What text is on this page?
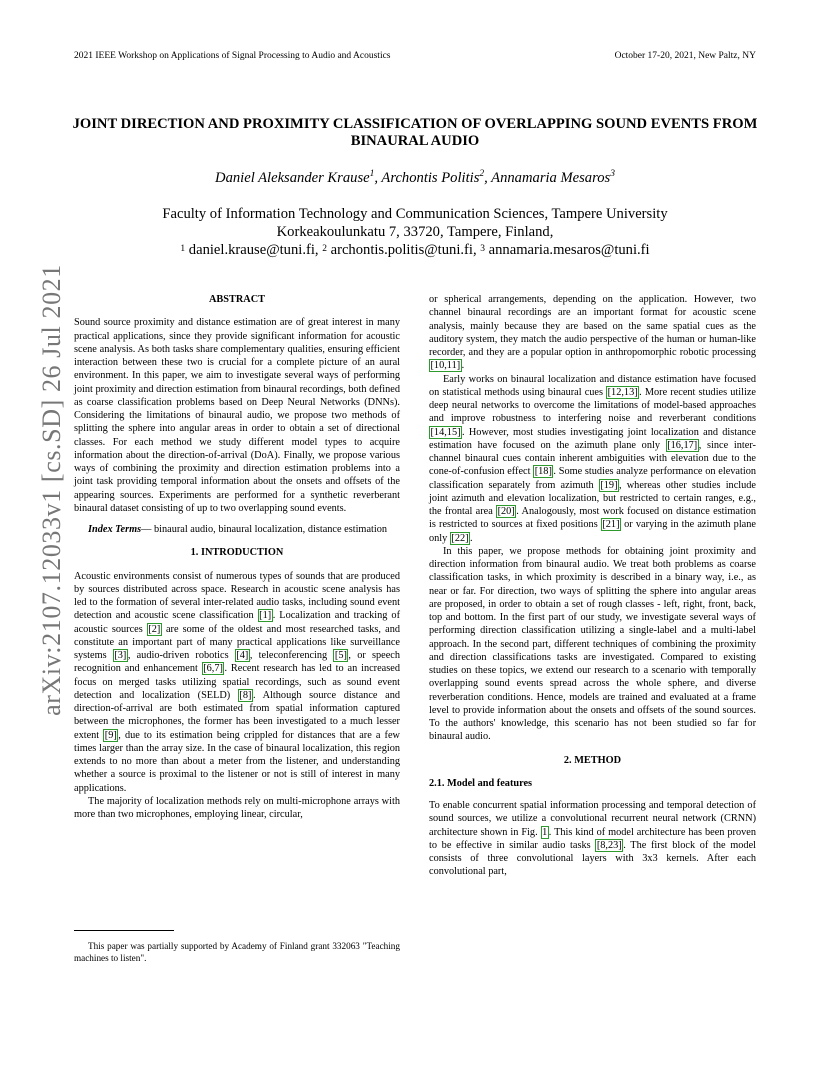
2021 IEEE Workshop on Applications of Signal Processing to Audio and Acoustics	October 17-20, 2021, New Paltz, NY
arXiv:2107.12033v1 [cs.SD] 26 Jul 2021
JOINT DIRECTION AND PROXIMITY CLASSIFICATION OF OVERLAPPING SOUND EVENTS FROM BINAURAL AUDIO
Daniel Aleksander Krause$^1$, Archontis Politis$^2$, Annamaria Mesaros$^3$
Faculty of Information Technology and Communication Sciences, Tampere University
Korkeakoulunkatu 7, 33720, Tampere, Finland,
$^1$ daniel.krause@tuni.fi, $^2$ archontis.politis@tuni.fi, $^3$ annamaria.mesaros@tuni.fi

ABSTRACT

Sound source proximity and distance estimation are of great interest in many practical applications, since they provide significant information for acoustic scene analysis. As both tasks share complementary qualities, ensuring efficient interaction between these two is crucial for a complete picture of an aural environment. In this paper, we aim to investigate several ways of performing joint proximity and direction estimation from binaural recordings, both defined as coarse classification problems based on Deep Neural Networks (DNNs). Considering the limitations of binaural audio, we propose two methods of splitting the sphere into angular areas in order to obtain a set of directional classes. For each method we study different model types to acquire information about the direction-of-arrival (DoA). Finally, we propose various ways of combining the proximity and direction estimation problems into a joint task providing temporal information about the onsets and offsets of the appearing sources. Experiments are performed for a synthetic reverberant binaural dataset consisting of up to two overlapping sound events.

Index Terms— binaural audio, binaural localization, distance estimation

1. INTRODUCTION

Acoustic environments consist of numerous types of sounds that are produced by sources distributed across space. Research in acoustic scene analysis has led to the formation of several inter-related audio tasks, including sound event detection and acoustic scene classification [1] . Localization and tracking of acoustic sources [2] are some of the oldest and most researched tasks, and constitute an important part of many practical applications like surveillance systems [3] , audio-driven robotics [4] , teleconferencing [5] , or speech recognition and enhancement [6,7] . Recent research has led to an increased focus on merged tasks utilizing spatial recordings, such as sound event detection and localization (SELD) [8] . Although source distance and direction-of-arrival are both estimated from spatial information captured between the microphones, the former has been investigated to a much lesser extent [9] , due to its estimation being crippled for distances that are a few times larger than the array size. In the case of binaural localization, this region extends to no more than about a meter from the listener, and understanding whether a source is proximal to the listener or not is still of interest in many applications.

The majority of localization methods rely on multi-microphone arrays with more than two microphones, employing linear, circular,

or spherical arrangements, depending on the application. However, two channel binaural recordings are an important format for acoustic scene analysis, mainly because they are based on the same spatial cues as the auditory system, they match the audio perspective of the human or human-like recorder, and they are a popular option in anthropomorphic robotic processing [10,11] .

Early works on binaural localization and distance estimation have focused on statistical methods using binaural cues [12,13] . More recent studies utilize deep neural networks to overcome the limitations of model-based approaches and improve robustness to interfering noise and reverberant conditions [14,15] . However, most studies investigating joint localization and distance estimation have focused on the azimuth plane only [16,17] , since inter-channel binaural cues contain inherent ambiguities with elevation due to the cone-of-confusion effect [18] . Some studies analyze performance on elevation classification separately from azimuth [19] , whereas other studies include joint azimuth and elevation localization, but restricted to certain ranges, e.g., the frontal area [20] . Analogously, most work focused on distance estimation is restricted to sources at fixed positions [21] or varying in the azimuth plane only [22] .

In this paper, we propose methods for obtaining joint proximity and direction information from binaural audio. We treat both problems as coarse classification tasks, in which proximity is described in a binary way, i.e., as near or far. For direction, two ways of splitting the sphere into angular areas are proposed, in order to obtain a set of rough classes - left, right, front, back, top and bottom. In the first part of our study, we investigate several ways of performing direction classification utilizing a single-label and a multi-label approach. In the second part, different techniques of combining the proximity and direction classifications tasks are investigated. Compared to existing studies on these topics, we extend our research to a scenario with temporally overlapping sound events spread across the whole sphere, and diverse reverberation conditions. Hence, models are trained and evaluated at a frame level to provide information about the onsets and offsets of the sound sources. To the authors' knowledge, this scenario has not been studied so far for binaural audio.

2. METHOD

2.1. Model and features

To enable concurrent spatial information processing and temporal detection of sound sources, we utilize a convolutional recurrent neural network (CRNN) architecture shown in Fig. 1 . This kind of model architecture has been proven to be effective in similar audio tasks [8,23] . The first block of the model consists of three convolutional layers with 3x3 kernels. After each convolutional part,

This paper was partially supported by Academy of Finland grant 332063 "Teaching machines to listen".
